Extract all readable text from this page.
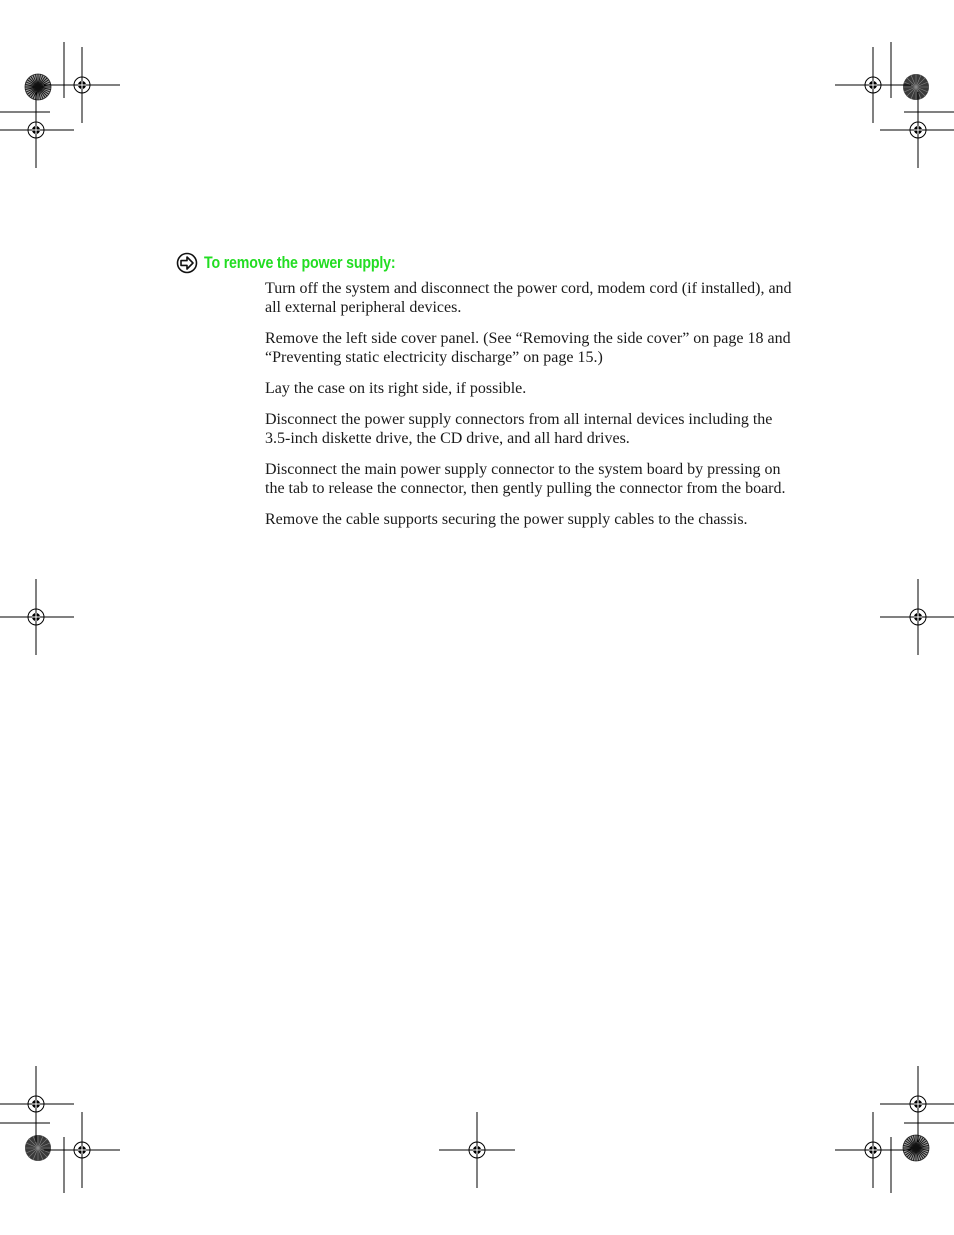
To remove the power supply:
Turn off the system and disconnect the power cord, modem cord (if installed), and all external peripheral devices.
Remove the left side cover panel. (See “Removing the side cover” on page 18 and “Preventing static electricity discharge” on page 15.)
Lay the case on its right side, if possible.
Disconnect the power supply connectors from all internal devices including the 3.5-inch diskette drive, the CD drive, and all hard drives.
Disconnect the main power supply connector to the system board by pressing on the tab to release the connector, then gently pulling the connector from the board.
Remove the cable supports securing the power supply cables to the chassis.
